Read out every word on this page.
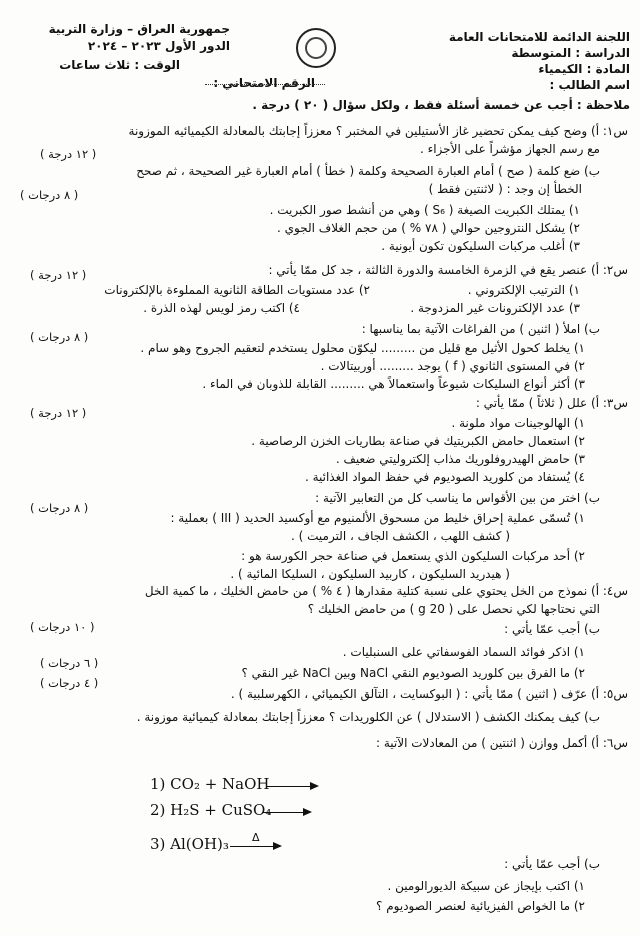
اللجنة الدائمة للامتحانات العامة
الدراسة : المتوسطة
المادة : الكيمياء
اسم الطالب :
جمهورية العراق – وزارة التربية
الدور الأول ٢٠٢٣ – ٢٠٢٤
الوقت : ثلاث ساعات
الرقم الامتحاني :
ملاحظة : أجب عن خمسة أسئلة فقط ، ولكل سؤال ( ٢٠ ) درجة .
س١: أ) وضح كيف يمكن تحضير غاز الأستيلين في المختبر ؟ معززاً إجابتك بالمعادلة الكيميائيه الموزونة
مع رسم الجهاز مؤشراً على الأجزاء .
( ١٢ درجة )
ب) ضع كلمة ( صح ) أمام العبارة الصحيحة وكلمة ( خطأ ) أمام العبارة غير الصحيحة ، ثم صحح
الخطأ إن وجد : ( لاثنتين فقط )
( ٨ درجات )
١) يمتلك الكبريت الصيغة ( S₆ ) وهي من أنشط صور الكبريت .
٢) يشكل النتروجين حوالي ( ٧٨ % ) من حجم الغلاف الجوي .
٣) أغلب مركبات السليكون تكون أيونية .
س٢: أ) عنصر يقع في الزمرة الخامسة والدورة الثالثة ، جد كل ممّا يأتي :
( ١٢ درجة )
١) الترتيب الإلكتروني .
٢) عدد مستويات الطاقة الثانوية المملوءة بالإلكترونات
٣) عدد الإلكترونات غير المزدوجة .
٤) اكتب رمز لويس لهذه الذرة .
ب) املأ ( اثنين ) من الفراغات الآتية بما يناسبها :
( ٨ درجات )
١) يخلط كحول الأثيل مع قليل من ......... ليكوّن محلول يستخدم لتعقيم الجروح وهو سام .
٢) في المستوى الثانوي ( f ) يوجد ......... أوربيتالات .
٣) أكثر أنواع السليكات شيوعاً واستعمالاً هي ......... القابلة للذوبان في الماء .
س٣: أ) علل ( ثلاثاً ) ممّا يأتي :
( ١٢ درجة )
١) الهالوجينات مواد ملونة .
٢) استعمال حامض الكبريتيك في صناعة بطاريات الخزن الرصاصية .
٣) حامض الهيدروفلوريك مذاب إلكتروليتي ضعيف .
٤) يُستفاد من كلوريد الصوديوم في حفظ المواد الغذائية .
ب) اختر من بين الأقواس ما يناسب كل من التعابير الآتية :
( ٨ درجات )
١) تُسمّى عملية إحراق خليط من مسحوق الألمنيوم مع أوكسيد الحديد ( III ) بعملية :
( كشف اللهب ، الكشف الجاف ، الترميت ) .
٢) أحد مركبات السليكون الذي يستعمل في صناعة حجر الكورسة هو :
( هيدريد السليكون ، كاربيد السليكون ، السليكا المائية ) .
س٤: أ) نموذج من الخل يحتوي على نسبة كتلية مقدارها ( ٤ % ) من حامض الخليك ، ما كمية الخل
التي نحتاجها لكي نحصل على ( 20 g ) من حامض الخليك ؟
( ١٠ درجات )	ب) أجب عمّا يأتي :
١) اذكر فوائد السماد الفوسفاتي على السنبليات .
( ٦ درجات )
٢) ما الفرق بين كلوريد الصوديوم النقي NaCl وبين NaCl غير النقي ؟
( ٤ درجات )
س٥: أ) عرّف ( اثنين ) ممّا يأتي : ( البوكسايت ، التآلق الكيميائي ، الكهرسلبية ) .
ب) كيف يمكنك الكشف ( الاستدلال ) عن الكلوريدات ؟ معززاً إجابتك بمعادلة كيميائية موزونة .
س٦: أ) أكمل ووازن ( اثنتين ) من المعادلات الآتية :
1) CO₂ + NaOH
2) H₂S + CuSO₄
3) Al(OH)₃ Δ
ب) أجب عمّا يأتي :
١) اكتب بإيجاز عن سبيكة الديورالومين .
٢) ما الخواص الفيزيائية لعنصر الصوديوم ؟
